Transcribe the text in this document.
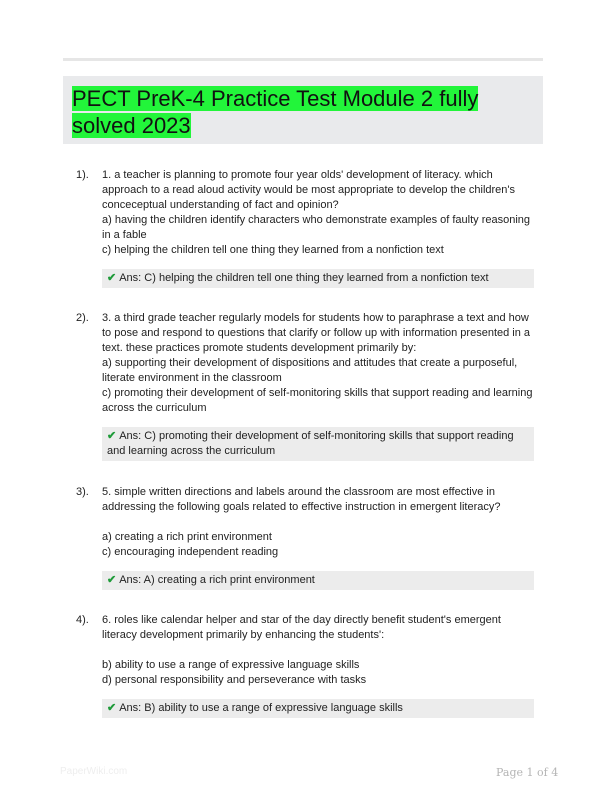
PECT PreK-4 Practice Test Module 2 fully solved 2023
1). 1. a teacher is planning to promote four year olds' development of literacy. which approach to a read aloud activity would be most appropriate to develop the children's conceceptual understanding of fact and opinion?

a) having the children identify characters who demonstrate examples of faulty reasoning in a fable
c) helping the children tell one thing they learned from a nonfiction text
✔ Ans: C) helping the children tell one thing they learned from a nonfiction text
2). 3. a third grade teacher regularly models for students how to paraphrase a text and how to pose and respond to questions that clarify or follow up with information presented in a text. these practices promote students development primarily by:

a) supporting their development of dispositions and attitudes that create a purposeful, literate environment in the classroom
c) promoting their development of self-monitoring skills that support reading and learning across the curriculum
✔ Ans: C) promoting their development of self-monitoring skills that support reading and learning across the curriculum
3). 5. simple written directions and labels around the classroom are most effective in addressing the following goals related to effective instruction in emergent literacy?

a) creating a rich print environment
c) encouraging independent reading
✔ Ans: A) creating a rich print environment
4). 6. roles like calendar helper and star of the day directly benefit student's emergent literacy development primarily by enhancing the students':

b) ability to use a range of expressive language skills
d) personal responsibility and perseverance with tasks
✔ Ans: B) ability to use a range of expressive language skills
PaperWiki.com	Page 1 of 4
